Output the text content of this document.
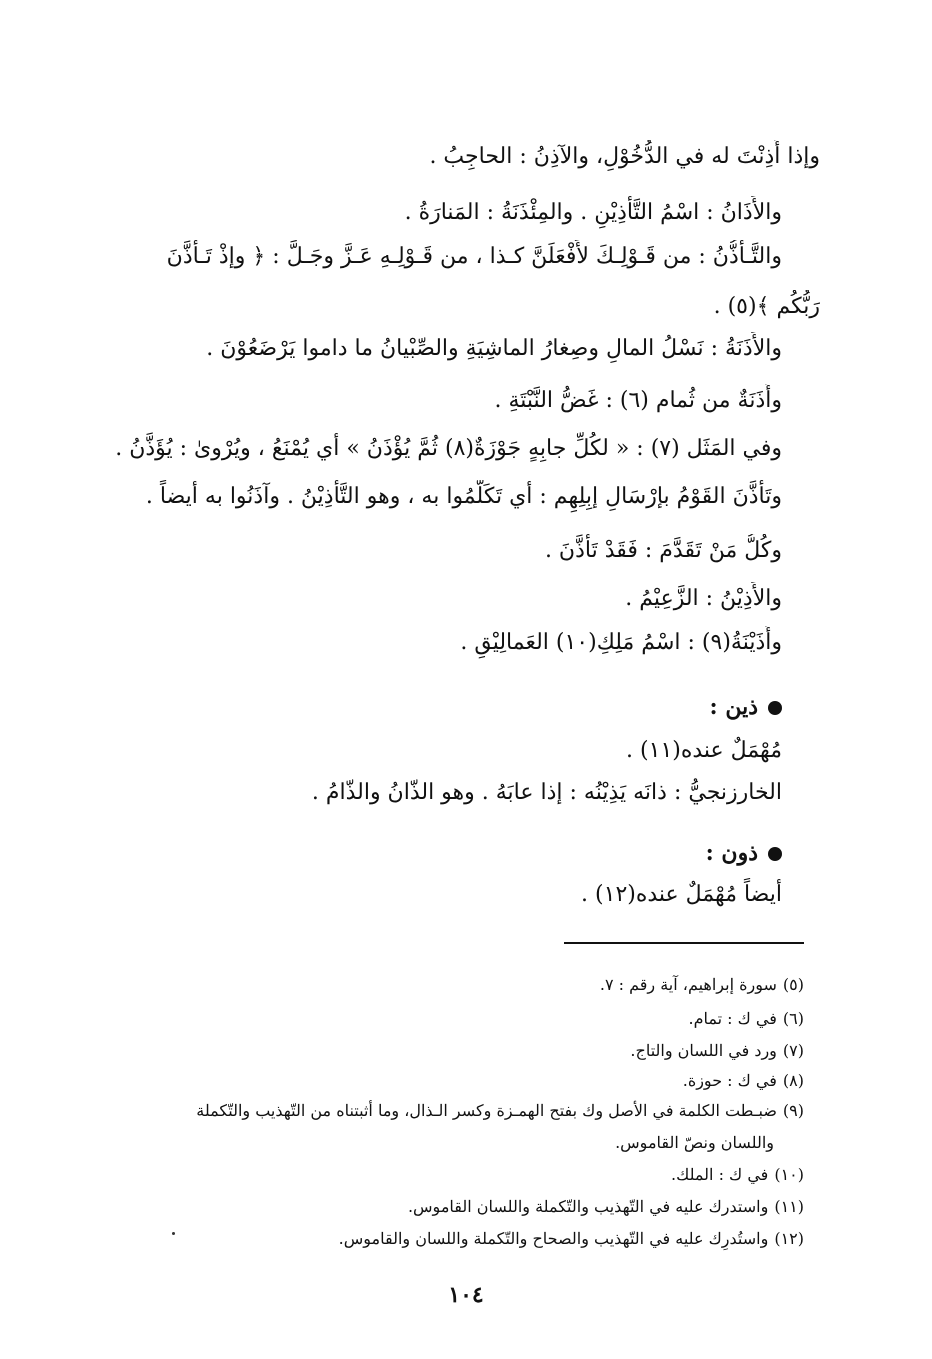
وإذا أَذِنْتَ له في الدُّخُوْلِ، والآذِنُ : الحاجِبُ .
والأَذَانُ : اسْمُ التَّأْذِيْنِ . والمِئْذَنَةُ : المَنارَةُ .
والتَّـأَذُّنُ : من قَـوْلِـكَ لأَفْعَلَنَّ كـذا ، من قَـوْلِـهِ عَـزَّ وجَـلَّ : ﴿ وإذْ تَـأَذَّنَ
رَبُّكُم ﴾(٥) .
والأَذَنَةُ : نَسْلُ المالِ وصِغارُ الماشِيَةِ والصِّبْيانُ ما داموا يَرْضَعُوْنَ .
وأَذَنَةٌ من ثُمام (٦) : غَضُّ النَّبْتَةِ .
وفي المَثَل (٧) : « لكُلِّ جابِهٍ جَوْزَةٌ(٨) ثُمَّ يُؤْذَنُ » أي يُمْنَعُ ، ويُرْوىٰ : يُؤَذَّنُ .
وتَأَذَّنَ القَوْمُ بإرْسَالِ إبِلِهِم : أي تَكَلَّمُوا به ، وهو التَّأْذِيْنُ . وآذَنُوا به أيضاً .
وكُلُّ مَنْ تَقَدَّمَ : فَقَدْ تَأَذَّنَ .
والأَذِيْنُ : الزَّعِيْمُ .
وأُذَيْنَةُ(٩) : اسْمُ مَلِكِ(١٠) العَمالِيْقِ .
ذين :
مُهْمَلٌ عنده(١١) .
الخارزنجيُّ : ذانَه يَذِيْنُه : إذا عابَهُ . وهو الذّانُ والذّامُ .
ذون :
أيضاً مُهْمَلٌ عنده(١٢) .
(٥)سورة إبراهيم، آية رقم : ٧.
(٦)في ك : تمام.
(٧)ورد في اللسان والتاج.
(٨)في ك : حوزة.
(٩)ضبـطت الكلمة في الأصل وك بفتح الهمـزة وكسر الـذال، وما أثبتناه من التّهذيب والتّكملة
واللسان ونصّ القاموس.
(١٠)في ك : الملك.
(١١)واستدرك عليه في التّهذيب والتّكملة واللسان القاموس.
(١٢)واستُدرِك عليه في التّهذيب والصحاح والتّكملة واللسان والقاموس.
١٠٤
